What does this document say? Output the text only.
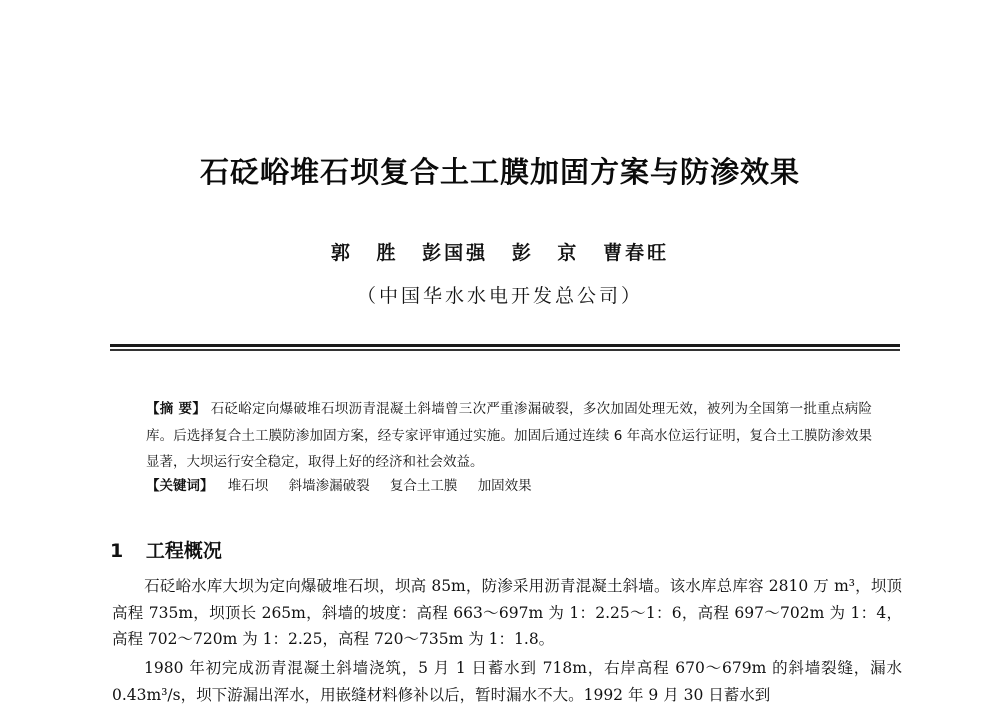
石砭峪堆石坝复合土工膜加固方案与防渗效果
郭 胜 彭国强 彭 京 曹春旺
（中国华水水电开发总公司）
【摘 要】 石砭峪定向爆破堆石坝沥青混凝土斜墙曾三次严重渗漏破裂，多次加固处理无效，被列为全国第一批重点病险库。后选择复合土工膜防渗加固方案，经专家评审通过实施。加固后通过连续 6 年高水位运行证明，复合土工膜防渗效果显著，大坝运行安全稳定，取得上好的经济和社会效益。
【关键词】 堆石坝 斜墙渗漏破裂 复合土工膜 加固效果
1 工程概况
石砭峪水库大坝为定向爆破堆石坝，坝高 85m，防渗采用沥青混凝土斜墙。该水库总库容 2810 万 m³，坝顶高程 735m，坝顶长 265m，斜墙的坡度：高程 663～697m 为 1：2.25～1：6，高程 697～702m 为 1：4，高程 702～720m 为 1：2.25，高程 720～735m 为 1：1.8。
1980 年初完成沥青混凝土斜墙浇筑，5 月 1 日蓄水到 718m，右岸高程 670～679m 的斜墙裂缝，漏水 0.43m³/s，坝下游漏出浑水，用嵌缝材料修补以后，暂时漏水不大。1992 年 9 月 30 日蓄水到
